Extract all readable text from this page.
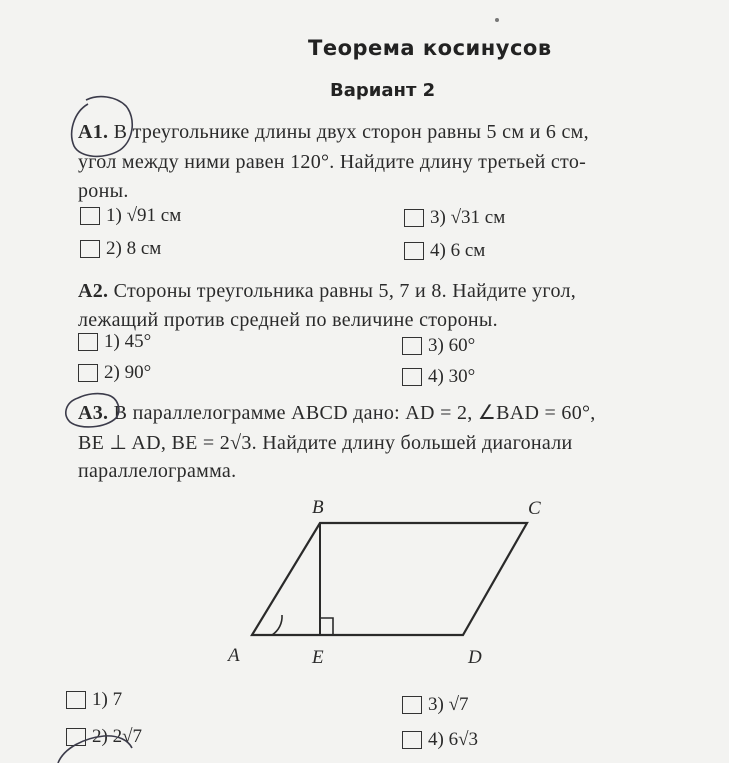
Теорема косинусов
Вариант 2
А1. В треугольнике длины двух сторон равны 5 см и 6 см,
угол между ними равен 120°. Найдите длину третьей сто-
роны.
1) √91 см
2) 8 см
3) √31 см
4) 6 см
А2. Стороны треугольника равны 5, 7 и 8. Найдите угол,
лежащий против средней по величине стороны.
1) 45°
2) 90°
3) 60°
4) 30°
А3. В параллелограмме ABCD дано: AD = 2, ∠BAD = 60°,
BE ⊥ AD, BE = 2√3. Найдите длину большей диагонали
параллелограмма.
B	C
A	E	D
1) 7
2) 2√7
3) √7
4) 6√3
